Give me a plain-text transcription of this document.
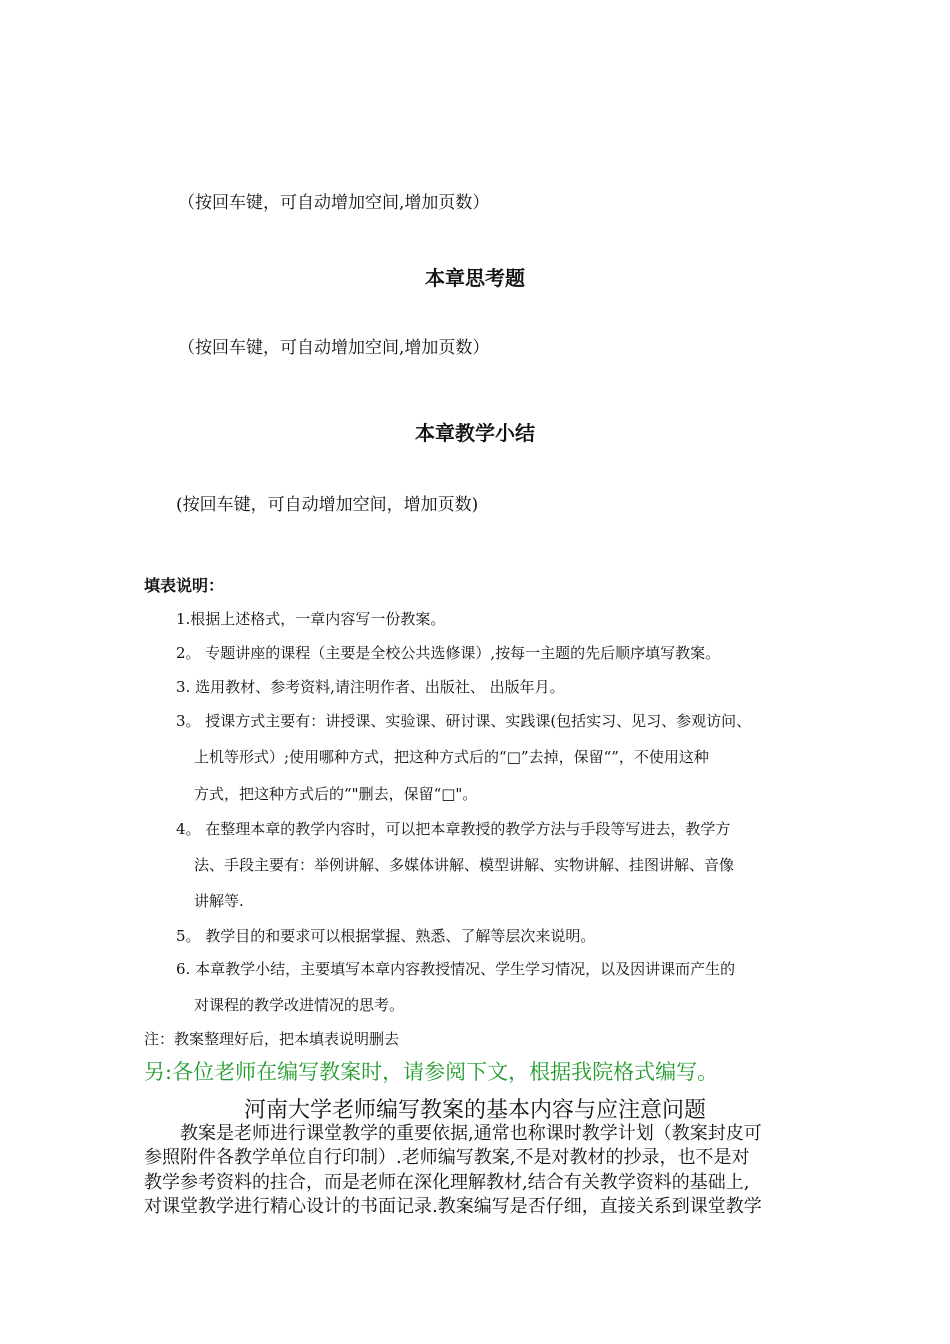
（按回车键，可自动增加空间,增加页数）
本章思考题
（按回车键，可自动增加空间,增加页数）
本章教学小结
(按回车键，可自动增加空间，增加页数)
填表说明：
1.根据上述格式，一章内容写一份教案。
2。 专题讲座的课程（主要是全校公共选修课）,按每一主题的先后顺序填写教案。
3. 选用教材、参考资料,请注明作者、出版社、 出版年月。
3。 授课方式主要有：讲授课、实验课、研讨课、实践课(包括实习、见习、参观访问、
上机等形式）;使用哪种方式，把这种方式后的“□”去掉，保留“”，不使用这种
方式，把这种方式后的“"删去，保留“□"。
4。 在整理本章的教学内容时，可以把本章教授的教学方法与手段等写进去，教学方
法、手段主要有：举例讲解、多媒体讲解、模型讲解、实物讲解、挂图讲解、音像
讲解等.
5。 教学目的和要求可以根据掌握、熟悉、了解等层次来说明。
6. 本章教学小结，主要填写本章内容教授情况、学生学习情况，以及因讲课而产生的
对课程的教学改进情况的思考。
注：教案整理好后，把本填表说明删去
另:各位老师在编写教案时，请参阅下文，根据我院格式编写。
河南大学老师编写教案的基本内容与应注意问题
教案是老师进行课堂教学的重要依据,通常也称课时教学计划（教案封皮可
参照附件各教学单位自行印制）.老师编写教案,不是对教材的抄录，也不是对
教学参考资料的拄合，而是老师在深化理解教材,结合有关教学资料的基础上,
对课堂教学进行精心设计的书面记录.教案编写是否仔细，直接关系到课堂教学
